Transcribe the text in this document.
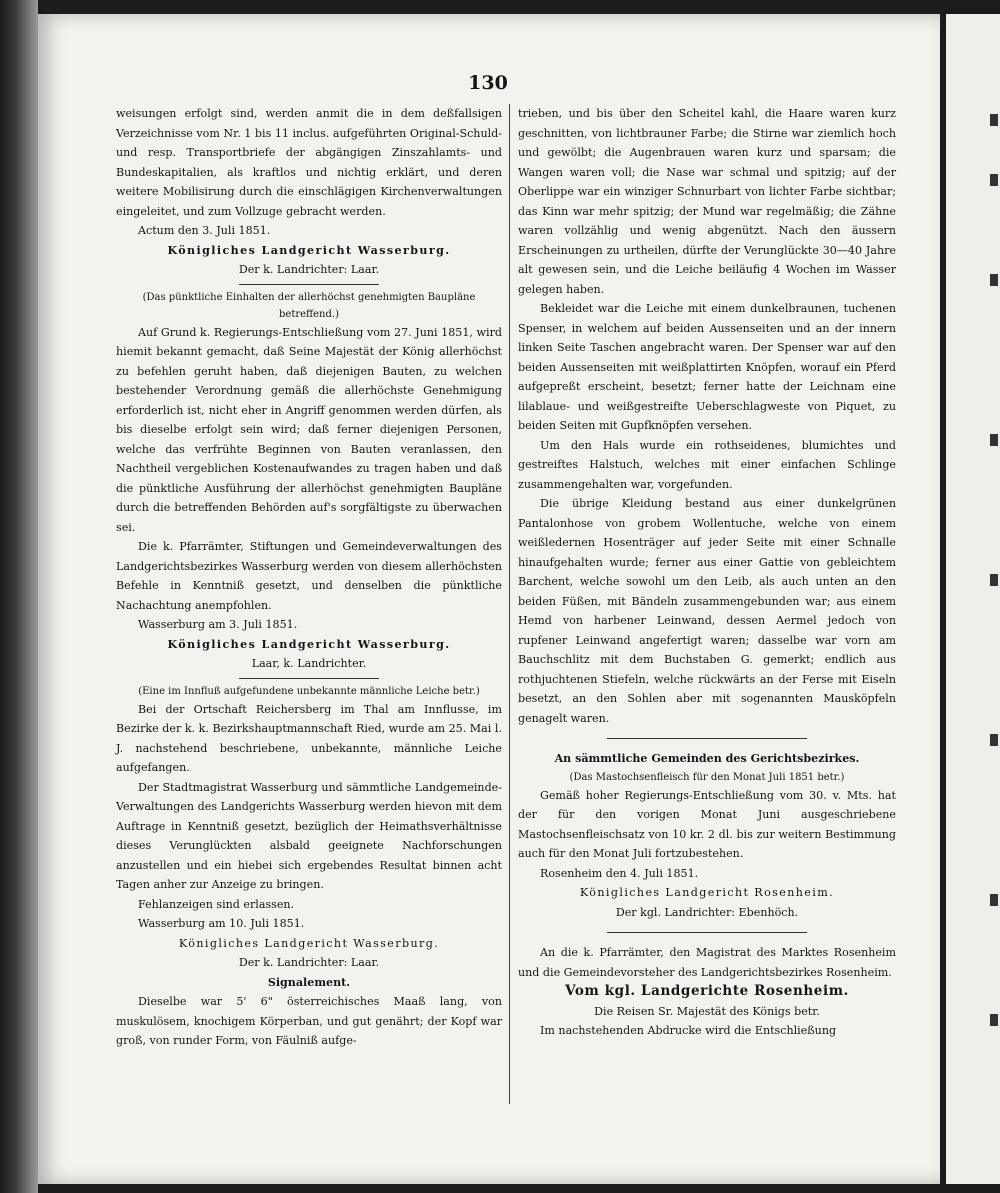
130

weisungen erfolgt sind, werden anmit die in dem deßfallsigen Verzeichnisse vom Nr. 1 bis 11 inclus. aufgeführten Original-Schuld- und resp. Transportbriefe der abgängigen Zinszahlamts- und Bundeskapitalien, als kraftlos und nichtig erklärt, und deren weitere Mobilisirung durch die einschlägigen Kirchenverwaltungen eingeleitet, und zum Vollzuge gebracht werden.

Actum den 3. Juli 1851.

Königliches Landgericht Wasserburg.

Der k. Landrichter: Laar.

(Das pünktliche Einhalten der allerhöchst genehmigten Baupläne betreffend.)

Auf Grund k. Regierungs-Entschließung vom 27. Juni 1851, wird hiemit bekannt gemacht, daß Seine Majestät der König allerhöchst zu befehlen geruht haben, daß diejenigen Bauten, zu welchen bestehender Verordnung gemäß die allerhöchste Genehmigung erforderlich ist, nicht eher in Angriff genommen werden dürfen, als bis dieselbe erfolgt sein wird; daß ferner diejenigen Personen, welche das verfrühte Beginnen von Bauten veranlassen, den Nachtheil vergeblichen Kostenaufwandes zu tragen haben und daß die pünktliche Ausführung der allerhöchst genehmigten Baupläne durch die betreffenden Behörden auf's sorgfältigste zu überwachen sei.

Die k. Pfarrämter, Stiftungen und Gemeindeverwaltungen des Landgerichtsbezirkes Wasserburg werden von diesem allerhöchsten Befehle in Kenntniß gesetzt, und denselben die pünktliche Nachachtung anempfohlen.

Wasserburg am 3. Juli 1851.

Königliches Landgericht Wasserburg.

Laar, k. Landrichter.

(Eine im Innfluß aufgefundene unbekannte männliche Leiche betr.)

Bei der Ortschaft Reichersberg im Thal am Innflusse, im Bezirke der k. k. Bezirkshauptmannschaft Ried, wurde am 25. Mai l. J. nachstehend beschriebene, unbekannte, männliche Leiche aufgefangen.

Der Stadtmagistrat Wasserburg und sämmtliche Landgemeinde-Verwaltungen des Landgerichts Wasserburg werden hievon mit dem Auftrage in Kenntniß gesetzt, bezüglich der Heimathsverhältnisse dieses Verunglückten alsbald geeignete Nachforschungen anzustellen und ein hiebei sich ergebendes Resultat binnen acht Tagen anher zur Anzeige zu bringen.

Fehlanzeigen sind erlassen.

Wasserburg am 10. Juli 1851.

Königliches Landgericht Wasserburg.

Der k. Landrichter: Laar.

Signalement.

Dieselbe war 5' 6" österreichisches Maaß lang, von muskulösem, knochigem Körperban, und gut genährt; der Kopf war groß, von runder Form, von Fäulniß aufge-

trieben, und bis über den Scheitel kahl, die Haare waren kurz geschnitten, von lichtbrauner Farbe; die Stirne war ziemlich hoch und gewölbt; die Augenbrauen waren kurz und sparsam; die Wangen waren voll; die Nase war schmal und spitzig; auf der Oberlippe war ein winziger Schnurbart von lichter Farbe sichtbar; das Kinn war mehr spitzig; der Mund war regelmäßig; die Zähne waren vollzählig und wenig abgenützt. Nach den äussern Erscheinungen zu urtheilen, dürfte der Verunglückte 30—40 Jahre alt gewesen sein, und die Leiche beiläufig 4 Wochen im Wasser gelegen haben.

Bekleidet war die Leiche mit einem dunkelbraunen, tuchenen Spenser, in welchem auf beiden Aussenseiten und an der innern linken Seite Taschen angebracht waren. Der Spenser war auf den beiden Aussenseiten mit weißplattirten Knöpfen, worauf ein Pferd aufgepreßt erscheint, besetzt; ferner hatte der Leichnam eine lilablaue- und weißgestreifte Ueberschlagweste von Piquet, zu beiden Seiten mit Gupfknöpfen versehen.

Um den Hals wurde ein rothseidenes, blumichtes und gestreiftes Halstuch, welches mit einer einfachen Schlinge zusammengehalten war, vorgefunden.

Die übrige Kleidung bestand aus einer dunkelgrünen Pantalonhose von grobem Wollentuche, welche von einem weißledernen Hosenträger auf jeder Seite mit einer Schnalle hinaufgehalten wurde; ferner aus einer Gattie von gebleichtem Barchent, welche sowohl um den Leib, als auch unten an den beiden Füßen, mit Bändeln zusammengebunden war; aus einem Hemd von harbener Leinwand, dessen Aermel jedoch von rupfener Leinwand angefertigt waren; dasselbe war vorn am Bauchschlitz mit dem Buchstaben G. gemerkt; endlich aus rothjuchtenen Stiefeln, welche rückwärts an der Ferse mit Eiseln besetzt, an den Sohlen aber mit sogenannten Mausköpfeln genagelt waren.

An sämmtliche Gemeinden des Gerichtsbezirkes.

(Das Mastochsenfleisch für den Monat Juli 1851 betr.)

Gemäß hoher Regierungs-Entschließung vom 30. v. Mts. hat der für den vorigen Monat Juni ausgeschriebene Mastochsenfleischsatz von 10 kr. 2 dl. bis zur weitern Bestimmung auch für den Monat Juli fortzubestehen.

Rosenheim den 4. Juli 1851.

Königliches Landgericht Rosenheim.

Der kgl. Landrichter: Ebenhöch.

An die k. Pfarrämter, den Magistrat des Marktes Rosenheim und die Gemeindevorsteher des Landgerichtsbezirkes Rosenheim.

Vom kgl. Landgerichte Rosenheim.

Die Reisen Sr. Majestät des Königs betr.

Im nachstehenden Abdrucke wird die Entschließung
